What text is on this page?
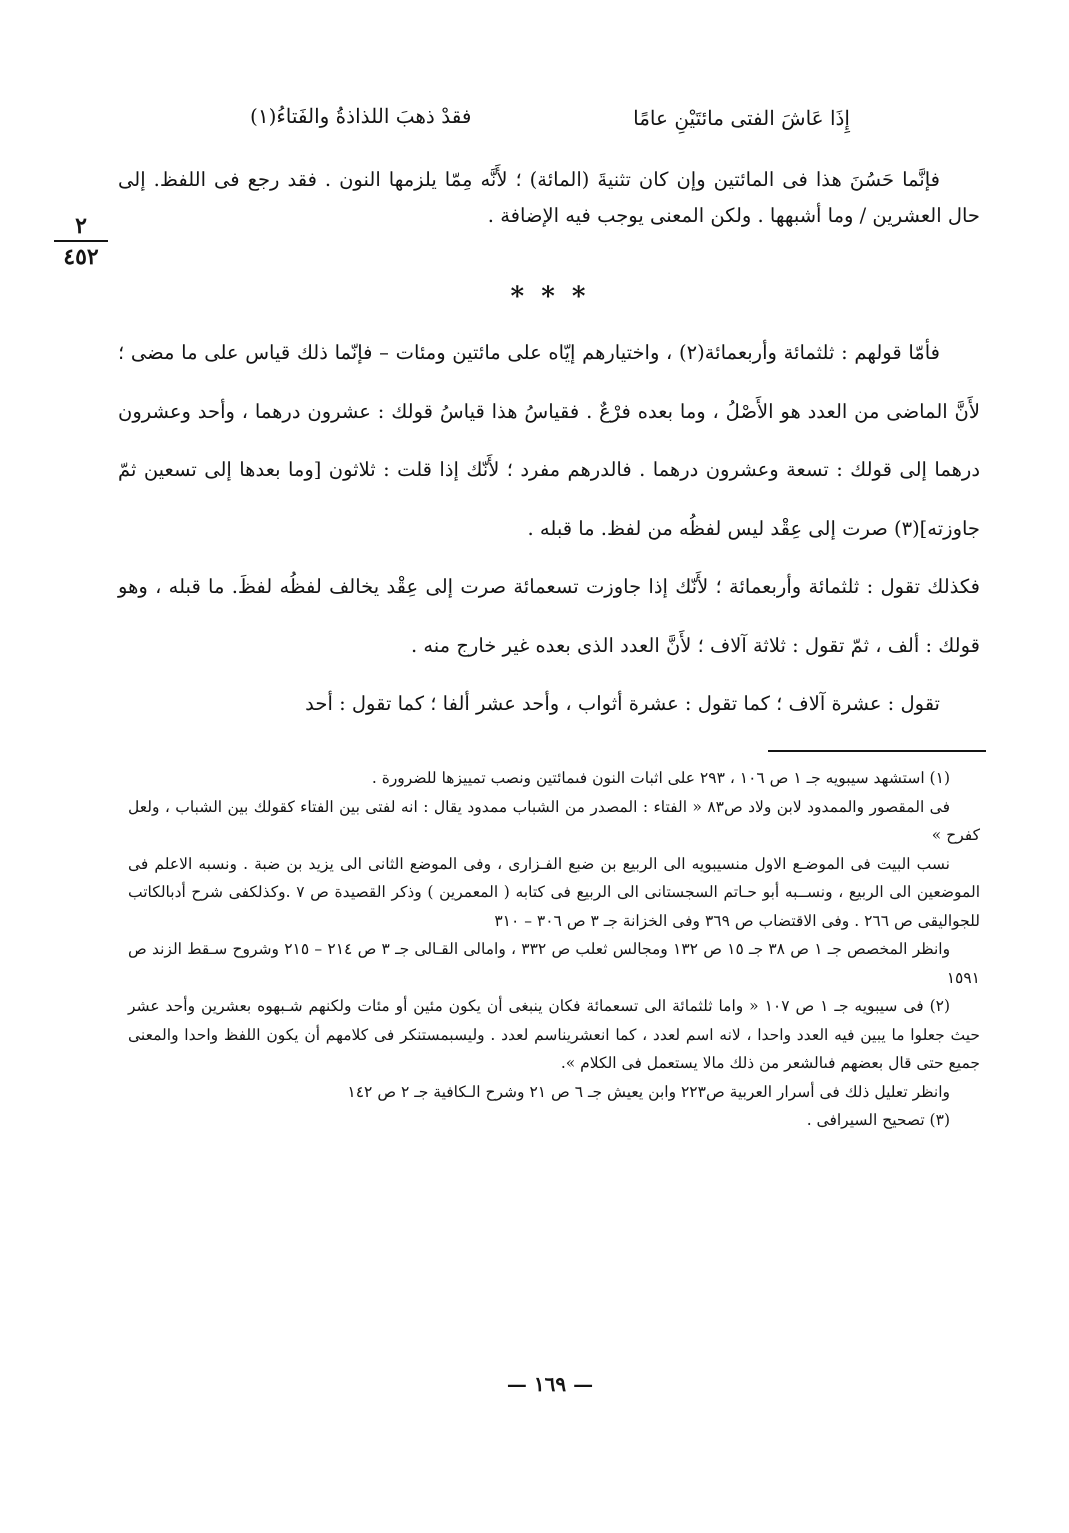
إِذَا عَاشَ الفتى مائتَيْنِ عامًا
فقدْ ذهبَ اللذاذةُ والفَتاءُ(١)
٢
٤٥٢

فإنَّما حَسُنَ هذا فى المائتين وإن كان تثنيةَ (المائة) ؛ لأَنَّه مِمّا يلزمها النون . فقد رجع فى اللفظ. إلى حال العشرين / وما أشبهها . ولكن المعنى يوجب فيه الإضافة .

* * *

فأمّا قولهم : ثلثمائة وأربعمائة(٢) ، واختيارهم إيّاه على مائتين ومئات – فإنّما ذلك قياس على ما مضى ؛ لأَنَّ الماضى من العدد هو الأَصْلُ ، وما بعده فرْعٌ . فقياسُ هذا قياسُ قولك : عشرون درهما ، وأحد وعشرون درهما إلى قولك : تسعة وعشرون درهما . فالدرهم مفرد ؛ لأَنّك إذا قلت : ثلاثون [وما بعدها إلى تسعين ثمّ جاوزته](٣) صرت إلى عِقْد ليس لفظُه من لفظ. ما قبله .

فكذلك تقول : ثلثمائة وأربعمائة ؛ لأَنّك إذا جاوزت تسعمائة صرت إلى عِقْد يخالف لفظُه لفظَ. ما قبله ، وهو قولك : ألف ، ثمّ تقول : ثلاثة آلاف ؛ لأَنَّ العدد الذى بعده غير خارج منه .

تقول : عشرة آلاف ؛ كما تقول : عشرة أثواب ، وأحد عشر ألفا ؛ كما تقول : أحد

(١) استشهد سيبويه جـ ١ ص ١٠٦ ، ٢٩٣ على اثبات النون فىمائتين ونصب تمييزها للضرورة .

فى المقصور والممدود لابن ولاد ص٨٣ « الفتاء : المصدر من الشباب ممدود يقال : انه لفتى بين الفتاء كقولك بين الشباب ، ولعل كفرح »

نسب البيت فى الموضـع الاول منسيبويه الى الربيع بن ضبع الفـزارى ، وفى الموضع الثانى الى يزيد بن ضبة . ونسبه الاعلم فى الموضعين الى الربيع ، ونســبه أبو حـاتم السجستانى الى الربيع فى كتابه ( المعمرين ) وذكر القصيدة ص ٧ .وكذلكفى شرح أدبالكاتب للجواليقى ص ٢٦٦ . وفى الاقتضاب ص ٣٦٩ وفى الخزانة جـ ٣ ص ٣٠٦ – ٣١٠

وانظر المخصص جـ ١ ص ٣٨ جـ ١٥ ص ١٣٢ ومجالس ثعلب ص ٣٣٢ ، وامالى القـالى جـ ٣ ص ٢١٤ – ٢١٥ وشروح سـقط الزند ص ١٥٩١

(٢) فى سيبويه جـ ١ ص ١٠٧ « واما ثلثمائة الى تسعمائة فكان ينبغى أن يكون مئين أو مئات ولكنهم شـبهوه بعشرين وأحد عشر حيث جعلوا ما يبين فيه العدد واحدا ، لانه اسم لعدد ، كما انعشريناسم لعدد . وليسبمستنكر فى كلامهم أن يكون اللفظ واحدا والمعنى جميع حتى قال بعضهم فىالشعر من ذلك مالا يستعمل فى الكلام ».

وانظر تعليل ذلك فى أسرار العربية ص٢٢٣ وابن يعيش جـ ٦ ص ٢١ وشرح الـكافية جـ ٢ ص ١٤٢

(٣) تصحيح السيرافى .

— ١٦٩ —
